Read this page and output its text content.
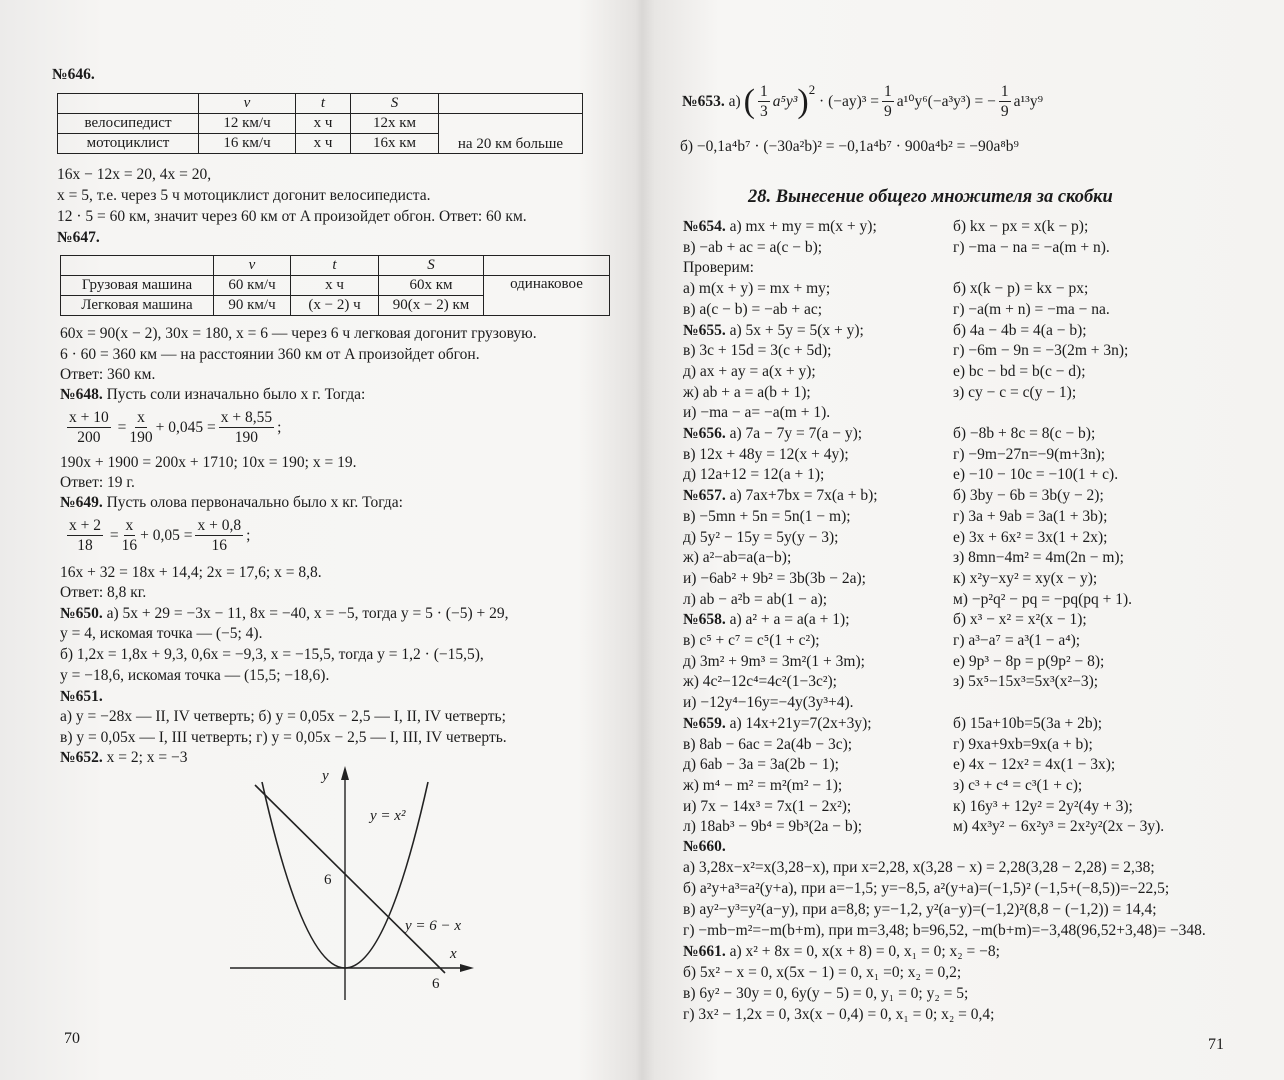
№646.
	v	t	S	
велосипедист	12 км/ч	x ч	12x км	на 20 км больше
мотоциклист	16 км/ч	x ч	16x км	
16x − 12x = 20, 4x = 20,
x = 5, т.е. через 5 ч мотоциклист догонит велосипедиста.
12 · 5 = 60 км, значит через 60 км от A произойдет обгон. Ответ: 60 км.
№647.
	v	t	S	
Грузовая машина	60 км/ч	x ч	60x км	одинаковое
Легковая машина	90 км/ч	(x − 2) ч	90(x − 2) км	
60x = 90(x − 2), 30x = 180, x = 6 — через 6 ч легковая догонит грузовую.
6 · 60 = 360 км — на расстоянии 360 км от A произойдет обгон.
Ответ: 360 км.
№648. Пусть соли изначально было x г. Тогда:
$\frac{x + 10}{200} = \frac{x}{190} + 0,045 = \frac{x + 8,55}{190}$ ;
190x + 1900 = 200x + 1710; 10x = 190; x = 19.
Ответ: 19 г.
№649. Пусть олова первоначально было x кг. Тогда:
$\frac{x + 2}{18} = \frac{x}{16} + 0,05 = \frac{x + 0,8}{16}$ ;
16x + 32 = 18x + 14,4; 2x = 17,6; x = 8,8.
Ответ: 8,8 кг.
№650. а) 5x + 29 = −3x − 11, 8x = −40, x = −5, тогда y = 5 · (−5) + 29,
y = 4, искомая точка — (−5; 4).
б) 1,2x = 1,8x + 9,3, 0,6x = −9,3, x = −15,5, тогда y = 1,2 · (−15,5),
y = −18,6, искомая точка — (15,5; −18,6).
№651.
а) y = −28x — II, IV четверть; б) y = 0,05x − 2,5 — I, II, IV четверть;
в) y = 0,05x — I, III четверть; г) y = 0,05x − 2,5 — I, III, IV четверть.
№652. x = 2; x = −3
y
x
y = x²
y = 6 − x
6
6
70
№653.
а) ( $\frac{1}{3} a^5y^3$ )$^2$

· $(-ay)^3 = \frac{1}{9} a^{10}y^6(-a^3y^3)$ = − $\frac{1}{9} a^{13}y^9$
б) −0,1a⁴b⁷ · (−30a²b)² = −0,1a⁴b⁷ · 900a⁴b² = −90a⁸b⁹
28. Вынесение общего множителя за скобки
№654. а) mx + my = m(x + y);	б) kx − px = x(k − p);
в) −ab + ac = a(c − b);	г) −ma − na = −a(m + n).
Проверим:
а) m(x + y) = mx + my;	б) x(k − p) = kx − px;
в) a(c − b) = −ab + ac;	г) −a(m + n) = −ma − na.
№655. а) 5x + 5y = 5(x + y);	б) 4a − 4b = 4(a − b);
в) 3c + 15d = 3(c + 5d);	г) −6m − 9n = −3(2m + 3n);
д) ax + ay = a(x + y);	е) bc − bd = b(c − d);
ж) ab + a = a(b + 1);	з) cy − c = c(y − 1);
и) −ma − a= −a(m + 1).
№656. а) 7a − 7y = 7(a − y);	б) −8b + 8c = 8(c − b);
в) 12x + 48y = 12(x + 4y);	г) −9m−27n=−9(m+3n);
д) 12a+12 = 12(a + 1);	е) −10 − 10c = −10(1 + c).
№657. а) 7ax+7bx = 7x(a + b);	б) 3by − 6b = 3b(y − 2);
в) −5mn + 5n = 5n(1 − m);	г) 3a + 9ab = 3a(1 + 3b);
д) 5y² − 15y = 5y(y − 3);	е) 3x + 6x² = 3x(1 + 2x);
ж) a²−ab=a(a−b);	з) 8mn−4m² = 4m(2n − m);
и) −6ab² + 9b² = 3b(3b − 2a);	к) x²y−xy² = xy(x − y);
л) ab − a²b = ab(1 − a);	м) −p²q² − pq = −pq(pq + 1).
№658. а) a² + a = a(a + 1);	б) x³ − x² = x²(x − 1);
в) c⁵ + c⁷ = c⁵(1 + c²);	г) a³−a⁷ = a³(1 − a⁴);
д) 3m² + 9m³ = 3m²(1 + 3m);	е) 9p³ − 8p = p(9p² − 8);
ж) 4c²−12c⁴=4c²(1−3c²);	з) 5x⁵−15x³=5x³(x²−3);
и) −12y⁴−16y=−4y(3y³+4).
№659. а) 14x+21y=7(2x+3y);	б) 15a+10b=5(3a + 2b);
в) 8ab − 6ac = 2a(4b − 3c);	г) 9xa+9xb=9x(a + b);
д) 6ab − 3a = 3a(2b − 1);	е) 4x − 12x² = 4x(1 − 3x);
ж) m⁴ − m² = m²(m² − 1);	з) c³ + c⁴ = c³(1 + c);
и) 7x − 14x³ = 7x(1 − 2x²);	к) 16y³ + 12y² = 2y²(4y + 3);
л) 18ab³ − 9b⁴ = 9b³(2a − b);	м) 4x³y² − 6x²y³ = 2x²y²(2x − 3y).
№660.
а) 3,28x−x²=x(3,28−x), при x=2,28, x(3,28 − x) = 2,28(3,28 − 2,28) = 2,38;
б) a²y+a³=a²(y+a), при a=−1,5; y=−8,5, a²(y+a)=(−1,5)² (−1,5+(−8,5))=−22,5;
в) ay²−y³=y²(a−y), при a=8,8; y=−1,2, y²(a−y)=(−1,2)²(8,8 − (−1,2)) = 14,4;
г) −mb−m²=−m(b+m), при m=3,48; b=96,52, −m(b+m)=−3,48(96,52+3,48)= −348.
№661. а) x² + 8x = 0, x(x + 8) = 0, x₁ = 0; x₂ = −8;
б) 5x² − x = 0, x(5x − 1) = 0, x₁ =0; x₂ = 0,2;
в) 6y² − 30y = 0, 6y(y − 5) = 0, y₁ = 0; y₂ = 5;
г) 3x² − 1,2x = 0, 3x(x − 0,4) = 0, x₁ = 0; x₂ = 0,4;
71
